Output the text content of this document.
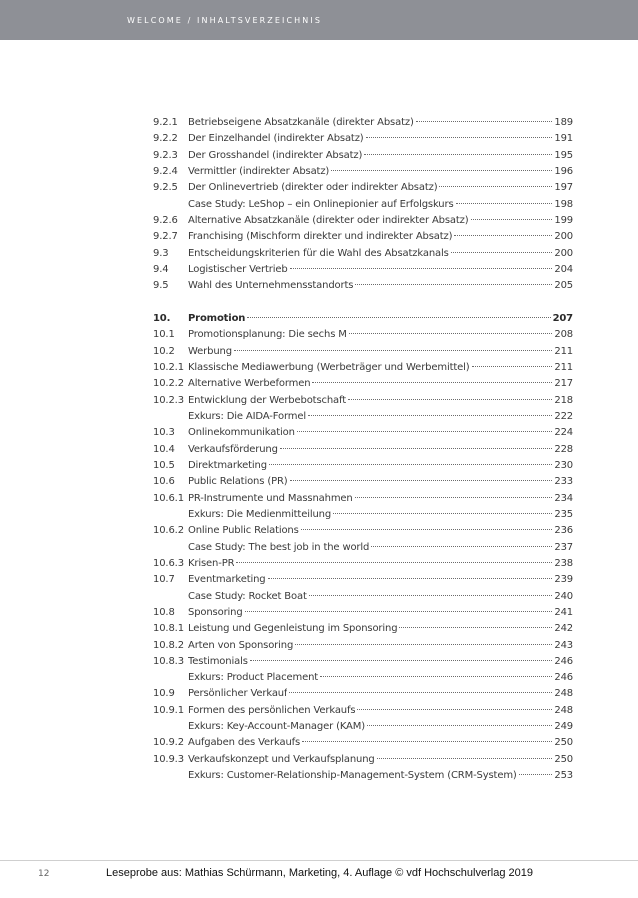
WELCOME / INHALTSVERZEICHNIS
9.2.1	Betriebseigene Absatzkanäle (direkter Absatz)	189
9.2.2	Der Einzelhandel (indirekter Absatz)	191
9.2.3	Der Grosshandel (indirekter Absatz)	195
9.2.4	Vermittler (indirekter Absatz)	196
9.2.5	Der Onlinevertrieb (direkter oder indirekter Absatz)	197
Case Study: LeShop – ein Onlinepionier auf Erfolgskurs	198
9.2.6	Alternative Absatzkanäle (direkter oder indirekter Absatz)	199
9.2.7	Franchising (Mischform direkter und indirekter Absatz)	200
9.3	Entscheidungskriterien für die Wahl des Absatzkanals	200
9.4	Logistischer Vertrieb	204
9.5	Wahl des Unternehmensstandorts	205
10.	Promotion	207
10.1	Promotionsplanung: Die sechs M	208
10.2	Werbung	211
10.2.1 Klassische Mediawerbung (Werbeträger und Werbemittel)	211
10.2.2 Alternative Werbeformen	217
10.2.3 Entwicklung der Werbebotschaft	218
Exkurs: Die AIDA-Formel	222
10.3	Onlinekommunikation	224
10.4	Verkaufsförderung	228
10.5	Direktmarketing	230
10.6	Public Relations (PR)	233
10.6.1 PR-Instrumente und Massnahmen	234
Exkurs: Die Medienmitteilung	235
10.6.2 Online Public Relations	236
Case Study: The best job in the world	237
10.6.3 Krisen-PR	238
10.7	Eventmarketing	239
Case Study: Rocket Boat	240
10.8	Sponsoring	241
10.8.1 Leistung und Gegenleistung im Sponsoring	242
10.8.2 Arten von Sponsoring	243
10.8.3 Testimonials	246
Exkurs: Product Placement	246
10.9	Persönlicher Verkauf	248
10.9.1 Formen des persönlichen Verkaufs	248
Exkurs: Key-Account-Manager (KAM)	249
10.9.2 Aufgaben des Verkaufs	250
10.9.3 Verkaufskonzept und Verkaufsplanung	250
Exkurs: Customer-Relationship-Management-System (CRM-System)	253
12	Leseprobe aus: Mathias Schürmann, Marketing, 4. Auflage © vdf Hochschulverlag 2019
